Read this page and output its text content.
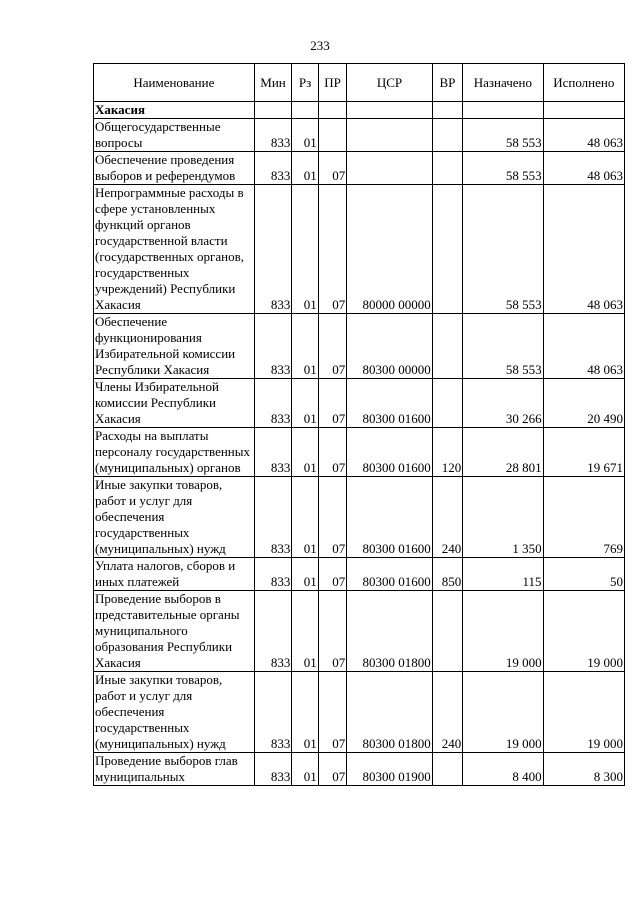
233
Наименование	Мин	Рз	ПР	ЦСР	ВР	Назначено	Исполнено
Хакасия							
Общегосударственные вопросы	833	01				58 553	48 063
Обеспечение проведения выборов и референдумов	833	01	07			58 553	48 063
Непрограммные расходы в сфере установленных функций органов государственной власти (государственных органов, государственных учреждений) Республики Хакасия	833	01	07	80000 00000		58 553	48 063
Обеспечение функционирования Избирательной комиссии Республики Хакасия	833	01	07	80300 00000		58 553	48 063
Члены Избирательной комиссии Республики Хакасия	833	01	07	80300 01600		30 266	20 490
Расходы на выплаты персоналу государственных (муниципальных) органов	833	01	07	80300 01600	120	28 801	19 671
Иные закупки товаров, работ и услуг для обеспечения государственных (муниципальных) нужд	833	01	07	80300 01600	240	1 350	769
Уплата налогов, сборов и иных платежей	833	01	07	80300 01600	850	115	50
Проведение выборов в представительные органы муниципального образования Республики Хакасия	833	01	07	80300 01800		19 000	19 000
Иные закупки товаров, работ и услуг для обеспечения государственных (муниципальных) нужд	833	01	07	80300 01800	240	19 000	19 000
Проведение выборов глав муниципальных	833	01	07	80300 01900		8 400	8 300
